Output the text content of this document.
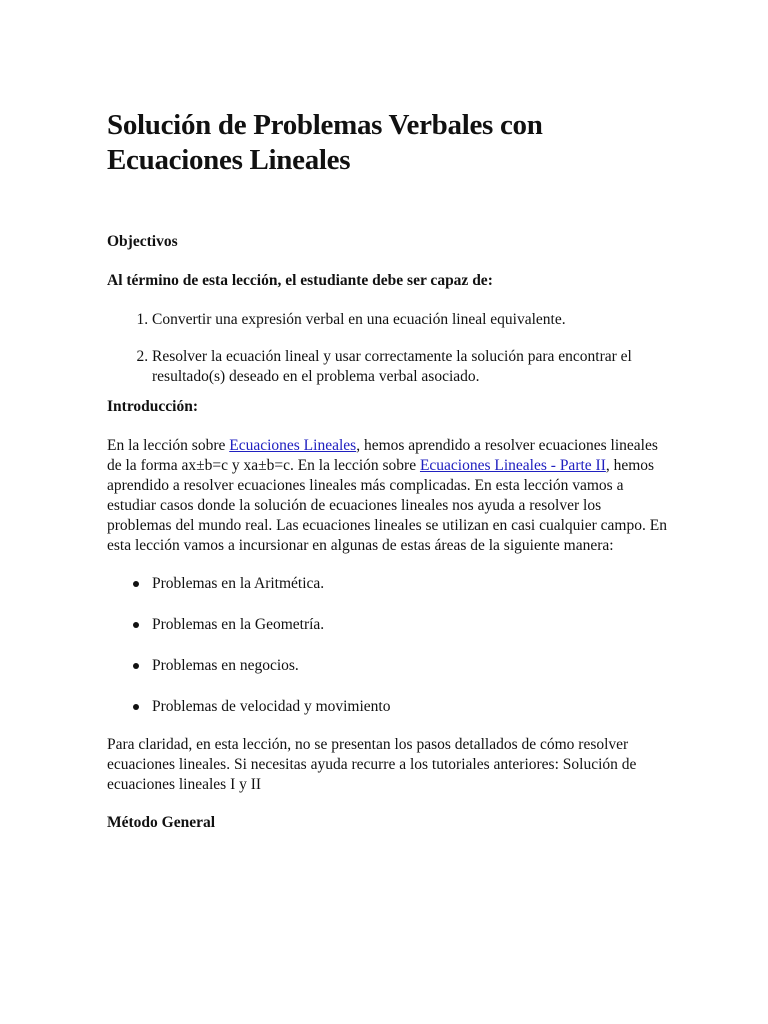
Solución de Problemas Verbales con Ecuaciones Lineales

Objectivos

Al término de esta lección, el estudiante debe ser capaz de:

1. Convertir una expresión verbal en una ecuación lineal equivalente.
2. Resolver la ecuación lineal y usar correctamente la solución para encontrar el resultado(s) deseado en el problema verbal asociado.

Introducción:

En la lección sobre Ecuaciones Lineales, hemos aprendido a resolver ecuaciones lineales de la forma ax±b=c y xa±b=c. En la lección sobre Ecuaciones Lineales - Parte II, hemos aprendido a resolver ecuaciones lineales más complicadas. En esta lección vamos a estudiar casos donde la solución de ecuaciones lineales nos ayuda a resolver los problemas del mundo real. Las ecuaciones lineales se utilizan en casi cualquier campo. En esta lección vamos a incursionar en algunas de estas áreas de la siguiente manera:

Problemas en la Aritmética.
Problemas en la Geometría.
Problemas en negocios.
Problemas de velocidad y movimiento

Para claridad, en esta lección, no se presentan los pasos detallados de cómo resolver ecuaciones lineales. Si necesitas ayuda recurre a los tutoriales anteriores: Solución de ecuaciones lineales I y II

Método General
